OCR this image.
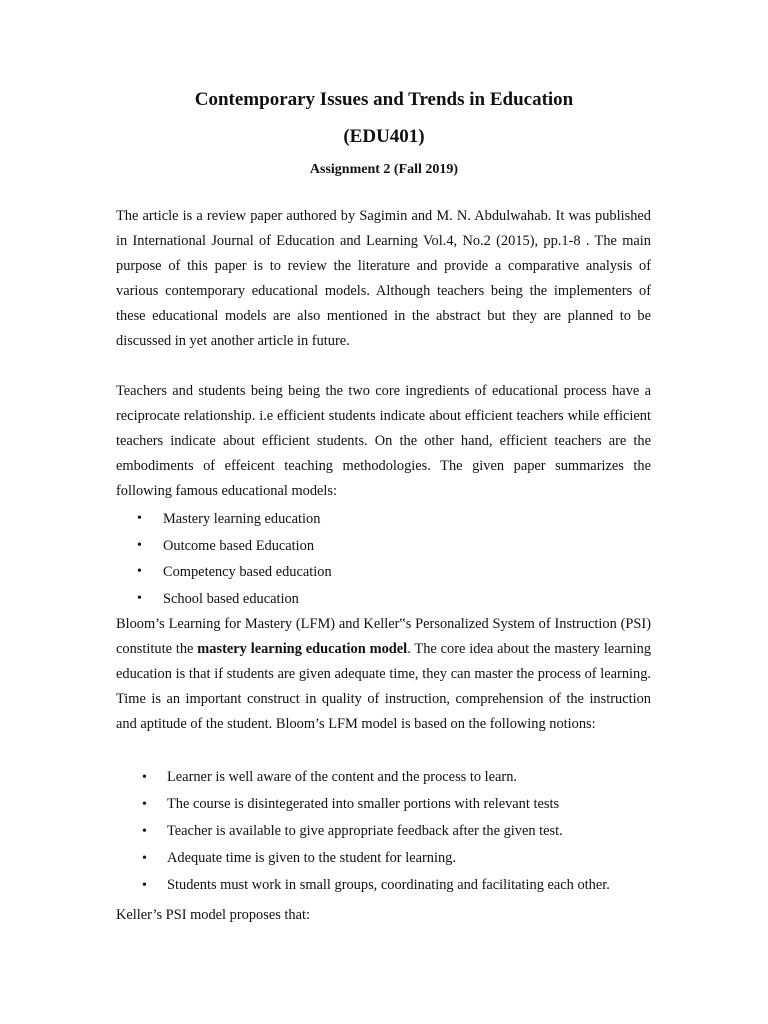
Contemporary Issues and Trends in Education
(EDU401)
Assignment 2 (Fall 2019)

The article is a review paper authored by Sagimin and M. N. Abdulwahab. It was published in International Journal of Education and Learning Vol.4, No.2 (2015), pp.1-8 . The main purpose of this paper is to review the literature and provide a comparative analysis of various contemporary educational models. Although teachers being the implementers of these educational models are also mentioned in the abstract but they are planned to be discussed in yet another article in future.

Teachers and students being being the two core ingredients of educational process have a reciprocate relationship. i.e efficient students indicate about efficient teachers while efficient teachers indicate about efficient students. On the other hand, efficient teachers are the embodiments of effeicent teaching methodologies. The given paper summarizes the following famous educational models:

• Mastery learning education
• Outcome based Education
• Competency based education
• School based education

Bloom’s Learning for Mastery (LFM) and Keller‟s Personalized System of Instruction (PSI) constitute the mastery learning education model. The core idea about the mastery learning education is that if students are given adequate time, they can master the process of learning. Time is an important construct in quality of instruction, comprehension of the instruction and aptitude of the student. Bloom’s LFM model is based on the following notions:

• Learner is well aware of the content and the process to learn.
• The course is disintegerated into smaller portions with relevant tests
• Teacher is available to give appropriate feedback after the given test.
• Adequate time is given to the student for learning.
• Students must work in small groups, coordinating and facilitating each other.

Keller’s PSI model proposes that:
